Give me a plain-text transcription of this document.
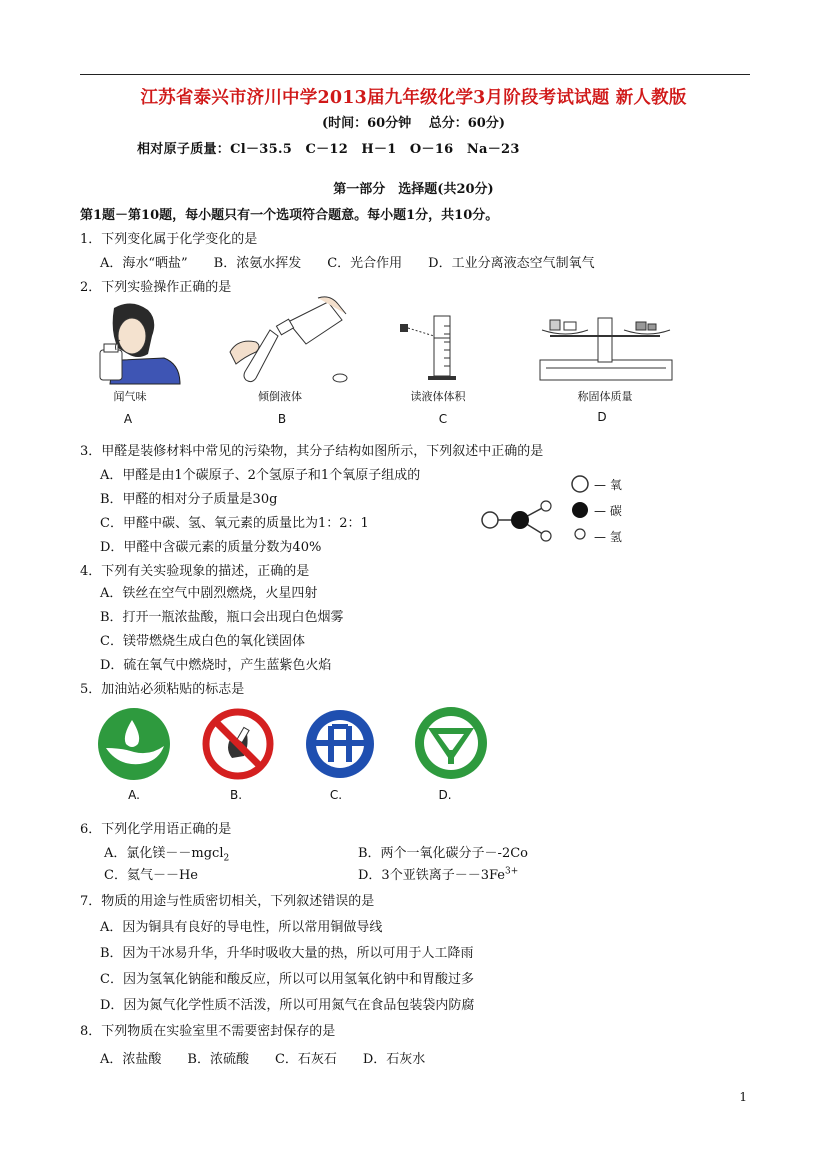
江苏省泰兴市济川中学2013届九年级化学3月阶段考试试题 新人教版
(时间：60分钟　 总分：60分)
相对原子质量：Cl－35.5　C－12　H－1　O－16　Na－23
第一部分　选择题(共20分)
第1题－第10题，每小题只有一个选项符合题意。每小题1分，共10分。
1．下列变化属于化学变化的是
A．海水“晒盐”　　B．浓氨水挥发　　C．光合作用　　D．工业分离液态空气制氧气
2．下列实验操作正确的是
闻气味
A
倾倒液体
B
读液体体积
C
称固体质量
D
3．甲醛是装修材料中常见的污染物，其分子结构如图所示，下列叙述中正确的是
A．甲醛是由1个碳原子、2个氢原子和1个氧原子组成的
B．甲醛的相对分子质量是30g
C．甲醛中碳、氢、氧元素的质量比为1：2：1
D．甲醛中含碳元素的质量分数为40%
— 氧
— 碳
— 氢
4．下列有关实验现象的描述，正确的是
A．铁丝在空气中剧烈燃烧，火星四射
B．打开一瓶浓盐酸，瓶口会出现白色烟雾
C．镁带燃烧生成白色的氧化镁固体
D．硫在氧气中燃烧时，产生蓝紫色火焰
5．加油站必须粘贴的标志是
A.	B.	C.	D.
6．下列化学用语正确的是
A．氯化镁－－mgcl$_2$	B．两个一氧化碳分子－-2Co
C．氦气－－He	D．3个亚铁离子$--3Fe^{3+}$
7．物质的用途与性质密切相关，下列叙述错误的是
A．因为铜具有良好的导电性，所以常用铜做导线
B．因为干冰易升华，升华时吸收大量的热，所以可用于人工降雨
C．因为氢氧化钠能和酸反应，所以可以用氢氧化钠中和胃酸过多
D．因为氮气化学性质不活泼，所以可用氮气在食品包装袋内防腐
8．下列物质在实验室里不需要密封保存的是
A．浓盐酸　　B．浓硫酸　　C．石灰石　　D．石灰水
1
